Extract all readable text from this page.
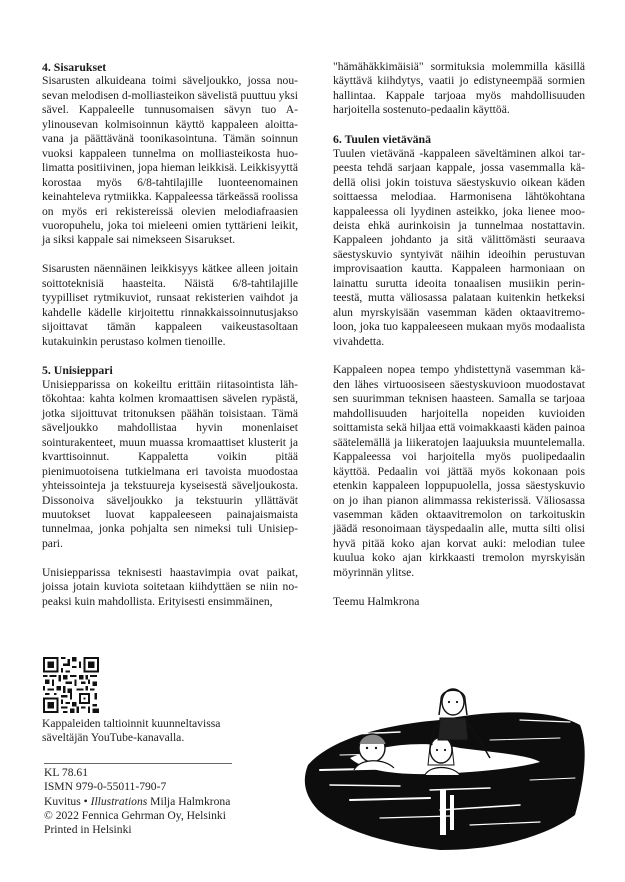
4. Sisarukset

Sisarusten alkuideana toimi säveljoukko, jossa nousevan melodisen d-molliasteikon sävelistä puuttuu yksi sävel. Kappaleelle tunnusomaisen sävyn tuo A-ylinousevan kolmisoinnun käyttö kappaleen aloittavana ja päättävänä toonikasointuna. Tämän soinnun vuoksi kappaleen tunnelma on molliasteikosta huolimatta positiivinen, jopa hieman leikkisä. Leikkisyyttä korostaa myös 6/8-tahtilajille luonteenomainen keinahteleva rytmiikka. Kappaleessa tärkeässä roolissa on myös eri rekistereissä olevien melodiafraasien vuoropuhelu, joka toi mieleeni omien tyttärieni leikit, ja siksi kappale sai nimekseen Sisarukset.

Sisarusten näennäinen leikkisyys kätkee alleen joitain soittoteknisiä haasteita. Näistä 6/8-tahtilajille tyypilliset rytmikuviot, runsaat rekisterien vaihdot ja kahdelle kädelle kirjoitettu rinnakkaissoinnutusjakso sijoittavat tämän kappaleen vaikeustasoltaan kutakuinkin perustaso kolmen tienoille.

5. Unisieppari

Unisiepparissa on kokeiltu erittäin riitasointista lähtökohtaa: kahta kolmen kromaattisen sävelen rypästä, jotka sijoittuvat tritonuksen päähän toisistaan. Tämä säveljoukko mahdollistaa hyvin monenlaiset sointurakenteet, muun muassa kromaattiset klusterit ja kvarttisoinnut. Kappaletta voikin pitää pienimuotoisena tutkielmana eri tavoista muodostaa yhteissointeja ja tekstuureja kyseisestä säveljoukosta. Dissonoiva säveljoukko ja tekstuurin yllättävät muutokset luovat kappaleeseen painajaismaista tunnelmaa, jonka pohjalta sen nimeksi tuli Unisieppari.

Unisiepparissa teknisesti haastavimpia ovat paikat, joissa jotain kuviota soitetaan kiihdyttäen se niin nopeaksi kuin mahdollista. Erityisesti ensimmäinen,

"hämähäkkimäisiä" sormituksia molemmilla käsillä käyttävä kiihdytys, vaatii jo edistyneempää sormien hallintaa. Kappale tarjoaa myös mahdollisuuden harjoitella sostenuto-pedaalin käyttöä.

6. Tuulen vietävänä

Tuulen vietävänä -kappaleen säveltäminen alkoi tarpeesta tehdä sarjaan kappale, jossa vasemmalla kädellä olisi jokin toistuva säestyskuvio oikean käden soittaessa melodiaa. Harmonisena lähtökohtana kappaleessa oli lyydinen asteikko, joka lienee moodeista ehkä aurinkoisin ja tunnelmaa nostattavin. Kappaleen johdanto ja sitä välittömästi seuraava säestyskuvio syntyivät näihin ideoihin perustuvan improvisaation kautta. Kappaleen harmoniaan on lainattu surutta ideoita tonaalisen musiikin perinteestä, mutta väliosassa palataan kuitenkin hetkeksi alun myrskyisään vasemman käden oktaavitremoloon, joka tuo kappaleeseen mukaan myös modaalista vivahdetta.

Kappaleen nopea tempo yhdistettynä vasemman käden lähes virtuoosiseen säestyskuvioon muodostavat sen suurimman teknisen haasteen. Samalla se tarjoaa mahdollisuuden harjoitella nopeiden kuvioiden soittamista sekä hiljaa että voimakkaasti käden painoa säätelemällä ja liikeratojen laajuuksia muuntelemalla. Kappaleessa voi harjoitella myös puolipedaalin käyttöä. Pedaalin voi jättää myös kokonaan pois etenkin kappaleen loppupuolella, jossa säestyskuvio on jo ihan pianon alimmassa rekisterissä. Väliosassa vasemman käden oktaavitremolon on tarkoituskin jäädä resonoimaan täyspedaalin alle, mutta silti olisi hyvä pitää koko ajan korvat auki: melodian tulee kuulua koko ajan kirkkaasti tremolon myrskyisän möyrinnän ylitse.

Teemu Halmkrona

Kappaleiden taltioinnit kuunneltavissa
säveltäjän YouTube-kanavalla.
KL 78.61
ISMN 979-0-55011-790-7
Kuvitus • Illustrations Milja Halmkrona
© 2022 Fennica Gehrman Oy, Helsinki
Printed in Helsinki
